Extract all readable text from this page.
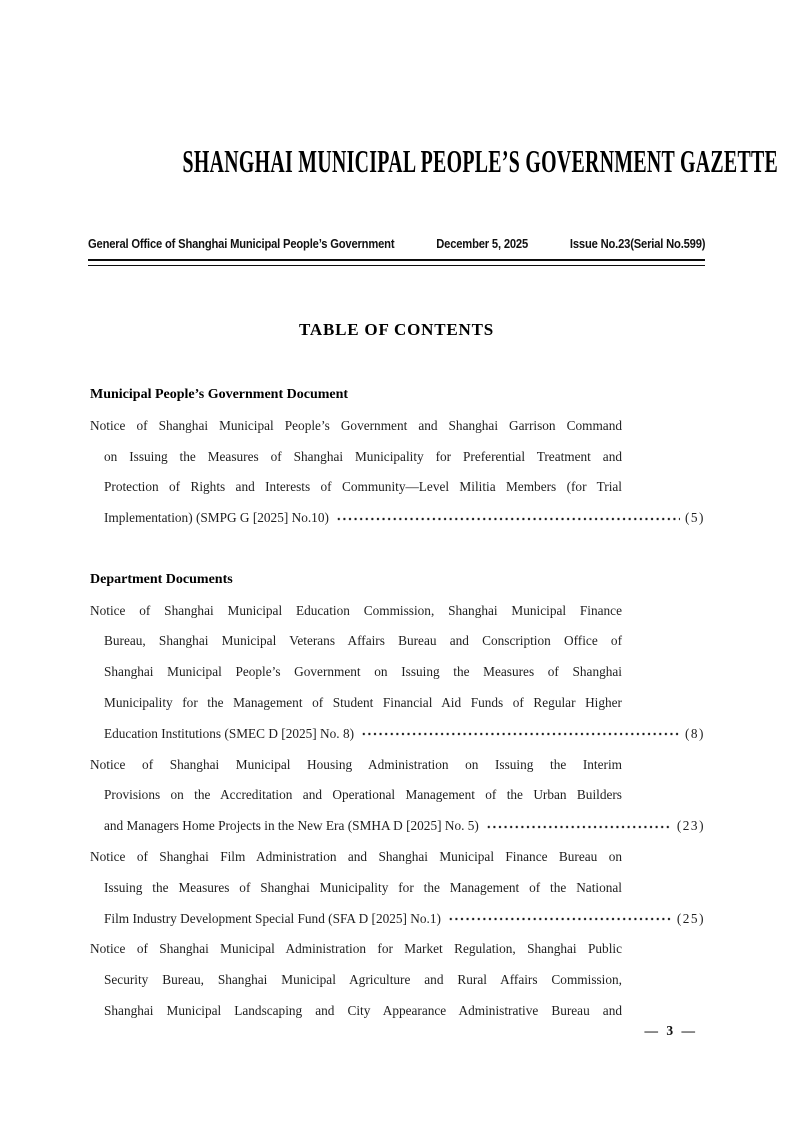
SHANGHAI MUNICIPAL PEOPLE’S GOVERNMENT GAZETTE
General Office of Shanghai Municipal People’s Government	December 5, 2025	Issue No.23(Serial No.599)
TABLE OF CONTENTS
Municipal People’s Government Document
Notice of Shanghai Municipal People’s Government and Shanghai Garrison Command
on Issuing the Measures of Shanghai Municipality for Preferential Treatment and
Protection of Rights and Interests of Community—Level Militia Members (for Trial
Implementation) (SMPG G [2025] No.10)	(5)
Department Documents
Notice of Shanghai Municipal Education Commission, Shanghai Municipal Finance
Bureau, Shanghai Municipal Veterans Affairs Bureau and Conscription Office of
Shanghai Municipal People’s Government on Issuing the Measures of Shanghai
Municipality for the Management of Student Financial Aid Funds of Regular Higher
Education Institutions (SMEC D [2025] No. 8)	(8)
Notice of Shanghai Municipal Housing Administration on Issuing the Interim
Provisions on the Accreditation and Operational Management of the Urban Builders
and Managers Home Projects in the New Era (SMHA D [2025] No. 5)	(23)
Notice of Shanghai Film Administration and Shanghai Municipal Finance Bureau on
Issuing the Measures of Shanghai Municipality for the Management of the National
Film Industry Development Special Fund (SFA D [2025] No.1)	(25)
Notice of Shanghai Municipal Administration for Market Regulation, Shanghai Public
Security Bureau, Shanghai Municipal Agriculture and Rural Affairs Commission,
Shanghai Municipal Landscaping and City Appearance Administrative Bureau and
— 3 —
